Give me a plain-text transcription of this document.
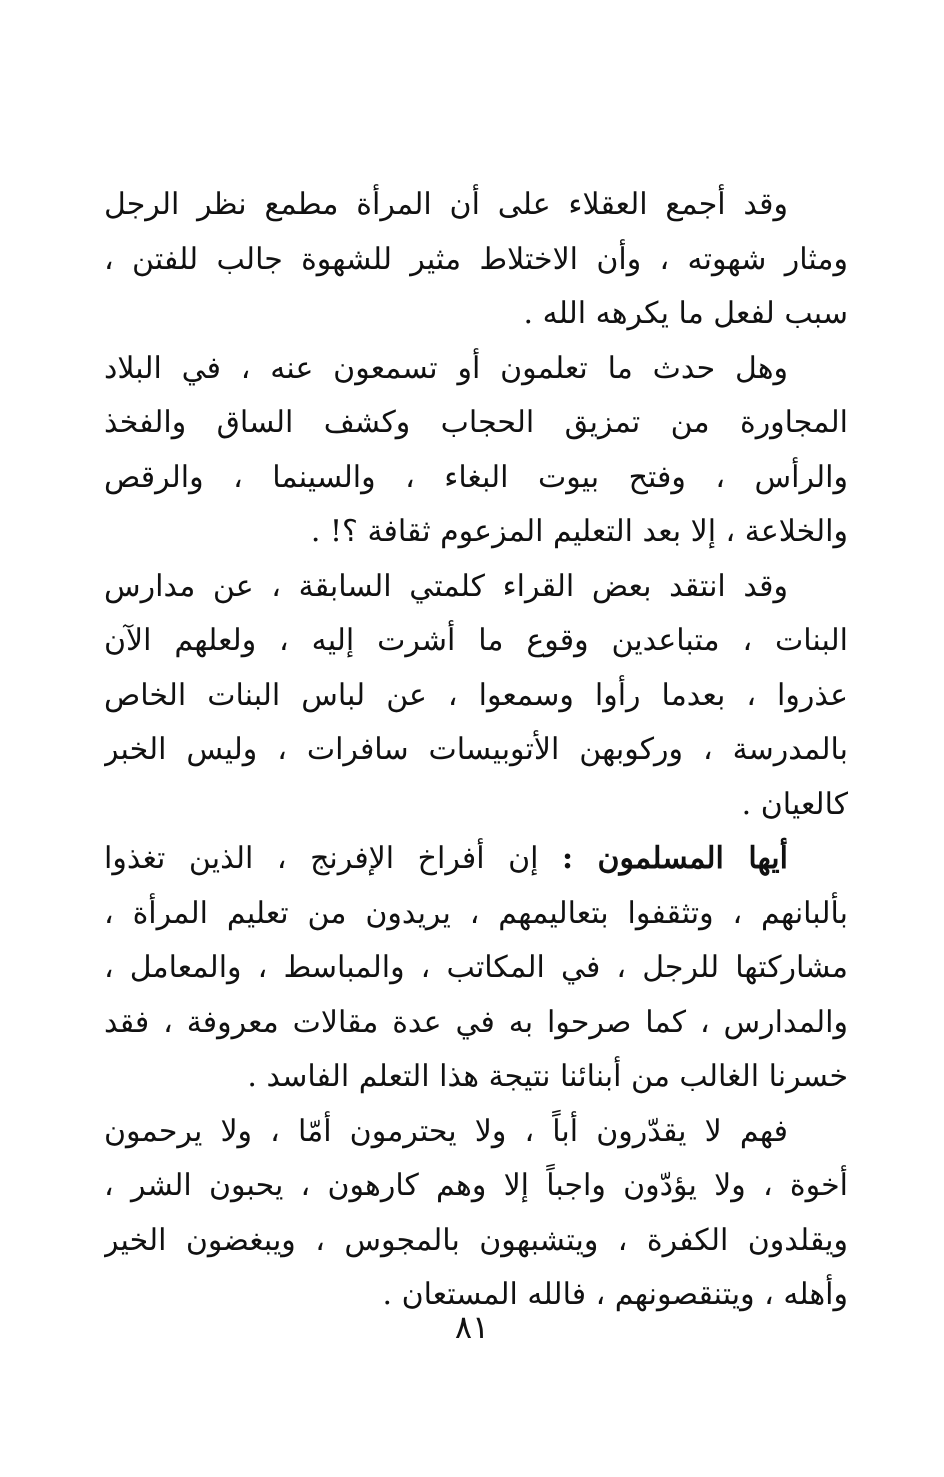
وقد أجمع العقلاء على أن المرأة مطمع نظر الرجل
ومثار شهوته ، وأن الاختلاط مثير للشهوة جالب للفتن ،
سبب لفعل ما يكرهه الله .
وهل حدث ما تعلمون أو تسمعون عنه ، في البلاد
المجاورة من تمزيق الحجاب وكشف الساق والفخذ
والرأس ، وفتح بيوت البغاء ، والسينما ، والرقص
والخلاعة ، إلا بعد التعليم المزعوم ثقافة ؟! .
وقد انتقد بعض القراء كلمتي السابقة ، عن مدارس
البنات ، متباعدين وقوع ما أشرت إليه ، ولعلهم الآن
عذروا ، بعدما رأوا وسمعوا ، عن لباس البنات الخاص
بالمدرسة ، وركوبهن الأتوبيسات سافرات ، وليس الخبر
كالعيان .
أيها المسلمون : إن أفراخ الإفرنج ، الذين تغذوا
بألبانهم ، وتثقفوا بتعاليمهم ، يريدون من تعليم المرأة ،
مشاركتها للرجل ، في المكاتب ، والمباسط ، والمعامل ،
والمدارس ، كما صرحوا به في عدة مقالات معروفة ، فقد
خسرنا الغالب من أبنائنا نتيجة هذا التعلم الفاسد .
فهم لا يقدّرون أباً ، ولا يحترمون أمّا ، ولا يرحمون
أخوة ، ولا يؤدّون واجباً إلا وهم كارهون ، يحبون الشر ،
ويقلدون الكفرة ، ويتشبهون بالمجوس ، ويبغضون الخير
وأهله ، ويتنقصونهم ، فالله المستعان .
٨١
